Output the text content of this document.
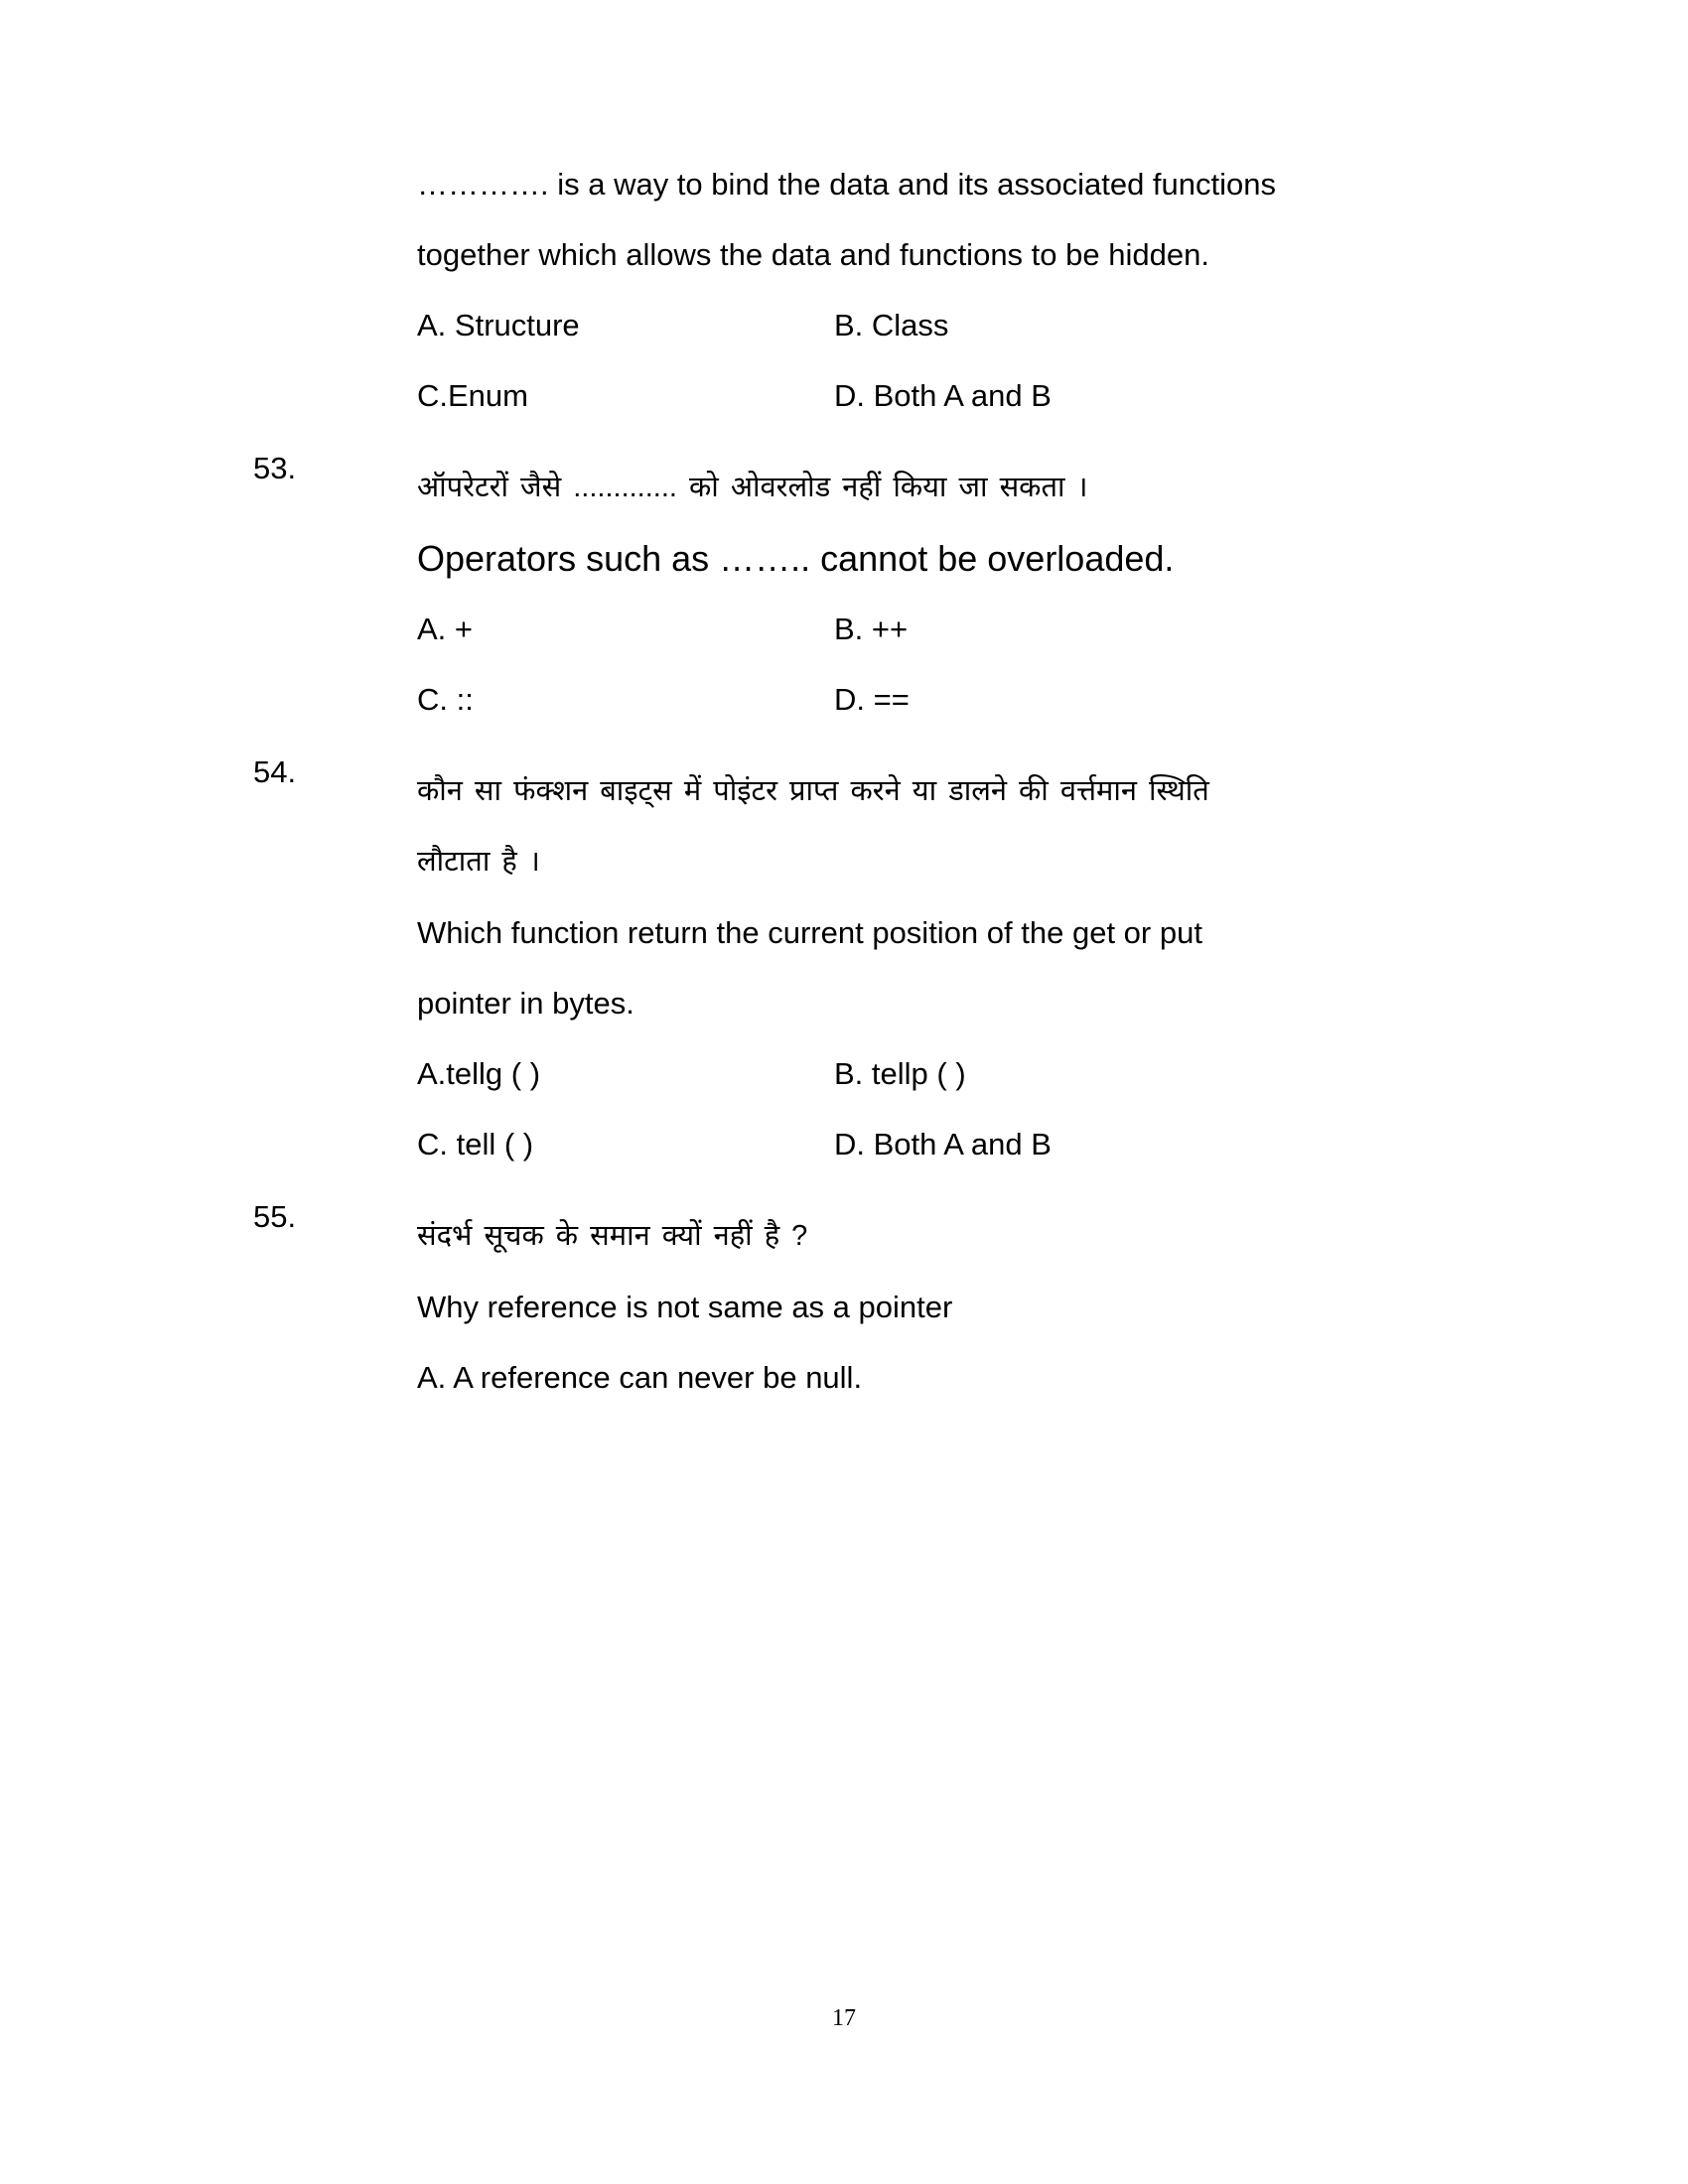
…………. is a way to bind the data and its associated functions
together which allows the data and functions to be hidden.
A. Structure	B. Class
C.Enum	D. Both A and B
53.
ऑपरेटरों जैसे ............. को ओवरलोड नहीं किया जा सकता ।
Operators such as …….. cannot be overloaded.
A. +	B. ++
C. ::	D. ==
54.
कौन सा फंक्शन बाइट्स में पोइंटर प्राप्त करने या डालने की वर्त्तमान स्थिति
लौटाता है ।
Which function return the current position of the get or put
pointer in bytes.
A.tellg ( )	B. tellp ( )
C. tell ( )	D. Both A and B
55.
संदर्भ सूचक के समान क्यों नहीं है ?
Why reference is not same as a pointer
A. A reference can never be null.
17
